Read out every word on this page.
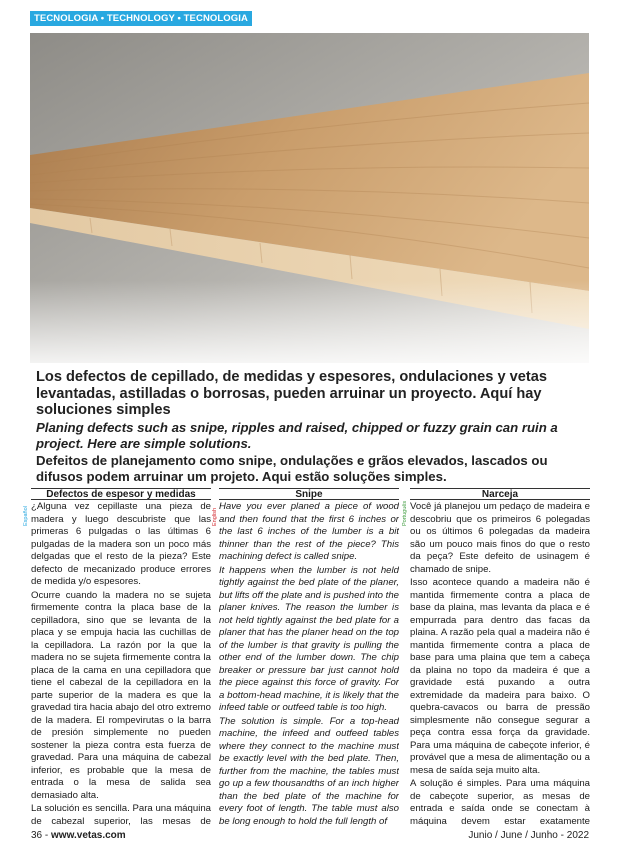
TECNOLOGIA • TECHNOLOGY • TECNOLOGIA
Los defectos de cepillado, de medidas y espesores, ondulaciones y vetas levantadas, astilladas o borrosas, pueden arruinar un proyecto. Aquí hay soluciones simples
Planing defects such as snipe, ripples and raised, chipped or fuzzy grain can ruin a project. Here are simple solutions.
Defeitos de planejamento como snipe, ondulações e grãos elevados, lascados ou difusos podem arruinar um projeto. Aqui estão soluções simples.
Español	English	Português
Defectos de espesor y medidas

¿Alguna vez cepillaste una pieza de madera y luego descubriste que las primeras 6 pulgadas o las últimas 6 pulgadas de la madera son un poco más delgadas que el resto de la pieza? Este defecto de mecanizado produce errores de medida y/o espesores.

Ocurre cuando la madera no se sujeta firmemente contra la placa base de la cepilladora, sino que se levanta de la placa y se empuja hacia las cuchillas de la cepilladora. La razón por la que la madera no se sujeta firmemente contra la placa de la cama en una cepilladora que tiene el cabezal de la cepilladora en la parte superior de la madera es que la gravedad tira hacia abajo del otro extremo de la madera. El rompevirutas o la barra de presión simplemente no pueden sostener la pieza contra esta fuerza de gravedad. Para una máquina de cabezal inferior, es probable que la mesa de entrada o la mesa de salida sea demasiado alta.

La solución es sencilla. Para una máquina de cabezal superior, las mesas de

Snipe

Have you ever planed a piece of wood and then found that the first 6 inches or the last 6 inches of the lumber is a bit thinner than the rest of the piece? This machining defect is called snipe.

It happens when the lumber is not held tightly against the bed plate of the planer, but lifts off the plate and is pushed into the planer knives. The reason the lumber is not held tightly against the bed plate for a planer that has the planer head on the top of the lumber is that gravity is pulling the other end of the lumber down. The chip breaker or pressure bar just cannot hold the piece against this force of gravity. For a bottom-head machine, it is likely that the infeed table or outfeed table is too high.

The solution is simple. For a top-head machine, the infeed and outfeed tables where they connect to the machine must be exactly level with the bed plate. Then, further from the machine, the tables must go up a few thousandths of an inch higher than the bed plate of the machine for every foot of length. The table must also be long enough to hold the full length of

Narceja

Você já planejou um pedaço de madeira e descobriu que os primeiros 6 polegadas ou os últimos 6 polegadas da madeira são um pouco mais finos do que o resto da peça? Este defeito de usinagem é chamado de snipe.

Isso acontece quando a madeira não é mantida firmemente contra a placa de base da plaina, mas levanta da placa e é empurrada para dentro das facas da plaina. A razão pela qual a madeira não é mantida firmemente contra a placa de base para uma plaina que tem a cabeça da plaina no topo da madeira é que a gravidade está puxando a outra extremidade da madeira para baixo. O quebra-cavacos ou barra de pressão simplesmente não consegue segurar a peça contra essa força da gravidade. Para uma máquina de cabeçote inferior, é provável que a mesa de alimentação ou a mesa de saída seja muito alta.

A solução é simples. Para uma máquina de cabeçote superior, as mesas de entrada e saída onde se conectam à máquina devem estar exatamente

36 - www.vetas.com	Junio / June / Junho - 2022
